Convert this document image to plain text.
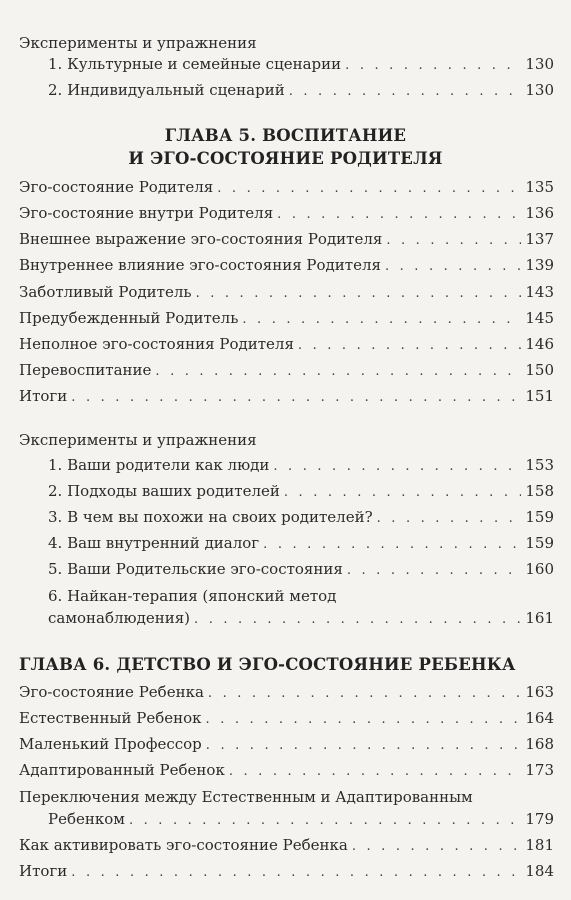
Эксперименты и упражнения
1. Культурные и семейные сценарии . . .	130
2. Индивидуальный сценарий . . .	130
ГЛАВА 5. ВОСПИТАНИЕ
И ЭГО-СОСТОЯНИЕ РОДИТЕЛЯ
Эго-состояние Родителя . . .	135
Эго-состояние внутри Родителя . . .	136
Внешнее выражение эго-состояния Родителя . . .	137
Внутреннее влияние эго-состояния Родителя . . .	139
Заботливый Родитель . . .	143
Предубежденный Родитель . . .	145
Неполное эго-состояния Родителя . . .	146
Перевоспитание . . .	150
Итоги . . .	151
Эксперименты и упражнения
1. Ваши родители как люди . . .	153
2. Подходы ваших родителей . . .	158
3. В чем вы похожи на своих родителей? . . .	159
4. Ваш внутренний диалог . . .	159
5. Ваши Родительские эго-состояния . . .	160
6. Найкан-терапия (японский метод
самонаблюдения) . . .	161
ГЛАВА 6. ДЕТСТВО И ЭГО-СОСТОЯНИЕ РЕБЕНКА
Эго-состояние Ребенка . . .	163
Естественный Ребенок . . .	164
Маленький Профессор . . .	168
Адаптированный Ребенок . . .	173
Переключения между Естественным и Адаптированным
Ребенком . . .	179
Как активировать эго-состояние Ребенка . . .	181
Итоги . . .	184
